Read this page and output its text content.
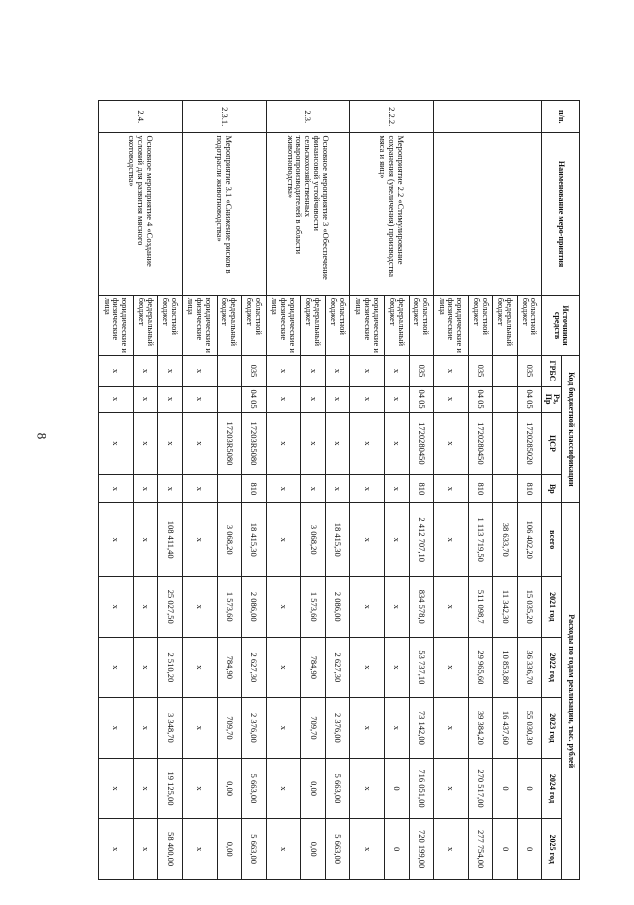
8
п/п.	Наименование меро-приятия	Источники средств	Код бюджетной классификации				Расходы по годам реализации, тыс. рублей					
			ГРБС	Рз, Пр	ЦСР	Вр	всего	2021 год	2022 год	2023 год	2024 год	2025 год
		областной бюджет	035	04 05	1720285020	810	106 402,20	15 035,20	36 336,70	55 030,30	0	0
		федеральный бюджет					38 633,70	11 342,30	10 853,80	16 437,60	0	0
		областной бюджет	035	04 05	1720280450	810	1 113 719,50	511 098,7	29 965,60	39 384,20	270 517,00	277 754,00
		юридические и физические лица	x	x	x	x	x	x	x	x	x	x
2.2.2.	Мероприятие 2.2 «Стимулирование сохранения (увеличения) производства мяса и яиц»	областной бюджет	035	04 05	1720280450	810	2 412 707,10	834 578,0	53 737,10	73 142,00	716 051,00	720 199,00
		федеральный бюджет	x	x	x	x	x	x	x	x	0	0
		юридические и физические лица	x	x	x	x	x	x	x	x	x	x
2.3.	Основное мероприятие 3 «Обеспечение финансовой устойчивости сельскохозяйственных товаропроизводителей в области животноводства»	областной бюджет	x	x	x	x	18 415,30	2 086,00	2 627,30	2 376,00	5 663,00	5 663,00
		федеральный бюджет	x	x	x	x	3 068,20	1 573,60	784,90	709,70	0,00	0,00
		юридические и физические лица	x	x	x	x	x	x	x	x	x	x
2.3.1.	Мероприятие 3.1 «Снижение рисков в подотрасли животноводства»	областной бюджет	035	04 05	17203R5080	810	18 415,30	2 086,00	2 627,30	2 376,00	5 663,00	5 663,00
		федеральный бюджет			17203R5080		3 068,20	1 573,60	784,90	709,70	0,00	0,00
		юридические и физические лица	x	x	x	x	x	x	x	x	x	x
2.4.	Основное мероприятие 4 «Создание условий для развития мясного скотоводства»	областной бюджет	x	x	x	x	108 411,40	25 027,50	2 510,20	3 348,70	19 125,00	58 400,00
		федеральный бюджет	x	x	x	x	x	x	x	x	x	x
		юридические и физические лица	x	x	x	x	x	x	x	x	x	x
